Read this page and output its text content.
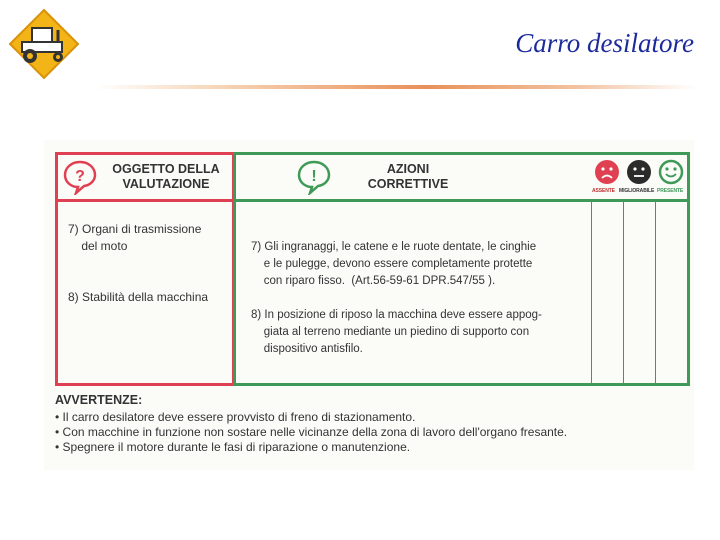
Carro desilatore
?	OGGETTO DELLA
VALUTAZIONE
7) Organi di trasmissione
del moto
8) Stabilità della macchina
!	AZIONI
CORRETTIVE	ASSENTE MIGLIORABILE PRESENTE
7) Gli ingranaggi, le catene e le ruote dentate, le cinghie
e le pulegge, devono essere completamente protette
con riparo fisso.  (Art.56-59-61 DPR.547/55 ).
8) In posizione di riposo la macchina deve essere appog-
giata al terreno mediante un piedino di supporto con
dispositivo antisfilo.
AVVERTENZE:
• Il carro desilatore deve essere provvisto di freno di stazionamento.
• Con macchine in funzione non sostare nelle vicinanze della zona di lavoro dell'organo fresante.
• Spegnere il motore durante le fasi di riparazione o manutenzione.
